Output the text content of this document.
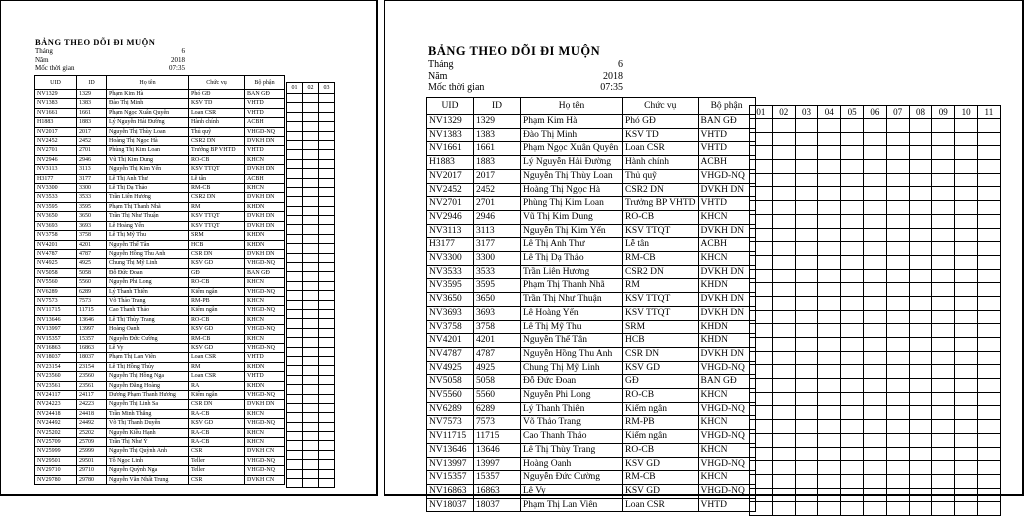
BẢNG THEO DÕI ĐI MUỘN
Tháng	6
Năm	2018
Mốc thời gian	07:35
UID	ID	Họ tên	Chức vụ	Bộ phận
NV1329	1329	Phạm Kim Hà	Phó GĐ	BAN GĐ
NV1383	1383	Đào Thị Minh	KSV TD	VHTD
NV1661	1661	Phạm Ngọc Xuân Quyên	Loan CSR	VHTD
H1883	1883	Lý Nguyễn Hải Đường	Hành chính	ACBH
NV2017	2017	Nguyễn Thị Thùy Loan	Thủ quỹ	VHGD-NQ
NV2452	2452	Hoàng Thị Ngọc Hà	CSR2 DN	DVKH DN
NV2701	2701	Phùng Thị Kim Loan	Trưởng BP VHTD	VHTD
NV2946	2946	Vũ Thị Kim Dung	RO-CB	KHCN
NV3113	3113	Nguyễn Thị Kim Yến	KSV TTQT	DVKH DN
H3177	3177	Lê Thị Anh Thư	Lễ tân	ACBH
NV3300	3300	Lê Thị Dạ Thảo	RM-CB	KHCN
NV3533	3533	Trần Liên Hương	CSR2 DN	DVKH DN
NV3595	3595	Phạm Thị Thanh Nhã	RM	KHDN
NV3650	3650	Trần Thị Như Thuận	KSV TTQT	DVKH DN
NV3693	3693	Lê Hoàng Yến	KSV TTQT	DVKH DN
NV3758	3758	Lê Thị Mỹ Thu	SRM	KHDN
NV4201	4201	Nguyễn Thế Tân	HCB	KHDN
NV4787	4787	Nguyễn Hồng Thu Anh	CSR DN	DVKH DN
NV4925	4925	Chung Thị Mỹ Linh	KSV GD	VHGD-NQ
NV5058	5058	Đỗ Đức Đoan	GĐ	BAN GĐ
NV5560	5560	Nguyễn Phi Long	RO-CB	KHCN
NV6289	6289	Lý Thanh Thiên	Kiểm ngân	VHGD-NQ
NV7573	7573	Võ Thảo Trang	RM-PB	KHCN
NV11715	11715	Cao Thanh Thảo	Kiểm ngân	VHGD-NQ
NV13646	13646	Lê Thị Thùy Trang	RO-CB	KHCN
NV13997	13997	Hoàng Oanh	KSV GD	VHGD-NQ
NV15357	15357	Nguyễn Đức Cường	RM-CB	KHCN
NV16863	16863	Lê Vy	KSV GD	VHGD-NQ
NV18037	18037	Phạm Thị Lan Viên	Loan CSR	VHTD
NV23154	23154	Lê Thị Hồng Thủy	RM	KHDN
NV23560	23560	Nguyễn Thị Hồng Nga	Loan CSR	VHTD
NV23561	23561	Nguyễn Đăng Hoàng	RA	KHDN
NV24117	24117	Dương Phạm Thanh Hương	Kiểm ngân	VHGD-NQ
NV24223	24223	Nguyễn Thị Linh Sa	CSR DN	DVKH DN
NV24418	24418	Trần Minh Thắng	RA-CB	KHCN
NV24492	24492	Võ Thị Thanh Duyên	KSV GD	VHGD-NQ
NV25202	25202	Nguyễn Kiều Hạnh	RA-CB	KHCN
NV25709	25709	Trần Thị Như Ý	RA-CB	KHCN
NV25999	25999	Nguyễn Thị Quỳnh Anh	CSR	DVKH CN
NV29501	29501	Tô Ngọc Linh	Teller	VHGD-NQ
NV29710	29710	Nguyễn Quỳnh Nga	Teller	VHGD-NQ
NV29780	29780	Nguyễn Văn Nhất Trung	CSR	DVKH CN
01	02	03

BẢNG THEO DÕI ĐI MUỘN
Tháng	6
Năm	2018
Mốc thời gian	07:35
UID	ID	Họ tên	Chức vụ	Bộ phận
NV1329	1329	Phạm Kim Hà	Phó GĐ	BAN GĐ
NV1383	1383	Đào Thị Minh	KSV TD	VHTD
NV1661	1661	Phạm Ngọc Xuân Quyên	Loan CSR	VHTD
H1883	1883	Lý Nguyễn Hải Đường	Hành chính	ACBH
NV2017	2017	Nguyễn Thị Thùy Loan	Thủ quỹ	VHGD-NQ
NV2452	2452	Hoàng Thị Ngọc Hà	CSR2 DN	DVKH DN
NV2701	2701	Phùng Thị Kim Loan	Trưởng BP VHTD	VHTD
NV2946	2946	Vũ Thị Kim Dung	RO-CB	KHCN
NV3113	3113	Nguyễn Thị Kim Yến	KSV TTQT	DVKH DN
H3177	3177	Lê Thị Anh Thư	Lễ tân	ACBH
NV3300	3300	Lê Thị Dạ Thảo	RM-CB	KHCN
NV3533	3533	Trần Liên Hương	CSR2 DN	DVKH DN
NV3595	3595	Phạm Thị Thanh Nhã	RM	KHDN
NV3650	3650	Trần Thị Như Thuận	KSV TTQT	DVKH DN
NV3693	3693	Lê Hoàng Yến	KSV TTQT	DVKH DN
NV3758	3758	Lê Thị Mỹ Thu	SRM	KHDN
NV4201	4201	Nguyễn Thế Tân	HCB	KHDN
NV4787	4787	Nguyễn Hồng Thu Anh	CSR DN	DVKH DN
NV4925	4925	Chung Thị Mỹ Linh	KSV GD	VHGD-NQ
NV5058	5058	Đỗ Đức Đoan	GĐ	BAN GĐ
NV5560	5560	Nguyễn Phi Long	RO-CB	KHCN
NV6289	6289	Lý Thanh Thiên	Kiểm ngân	VHGD-NQ
NV7573	7573	Võ Thảo Trang	RM-PB	KHCN
NV11715	11715	Cao Thanh Thảo	Kiểm ngân	VHGD-NQ
NV13646	13646	Lê Thị Thùy Trang	RO-CB	KHCN
NV13997	13997	Hoàng Oanh	KSV GD	VHGD-NQ
NV15357	15357	Nguyễn Đức Cường	RM-CB	KHCN
NV16863	16863	Lê Vy	KSV GD	VHGD-NQ
NV18037	18037	Phạm Thị Lan Viên	Loan CSR	VHTD
01	02	03	04	05	06	07	08	09	10	11
